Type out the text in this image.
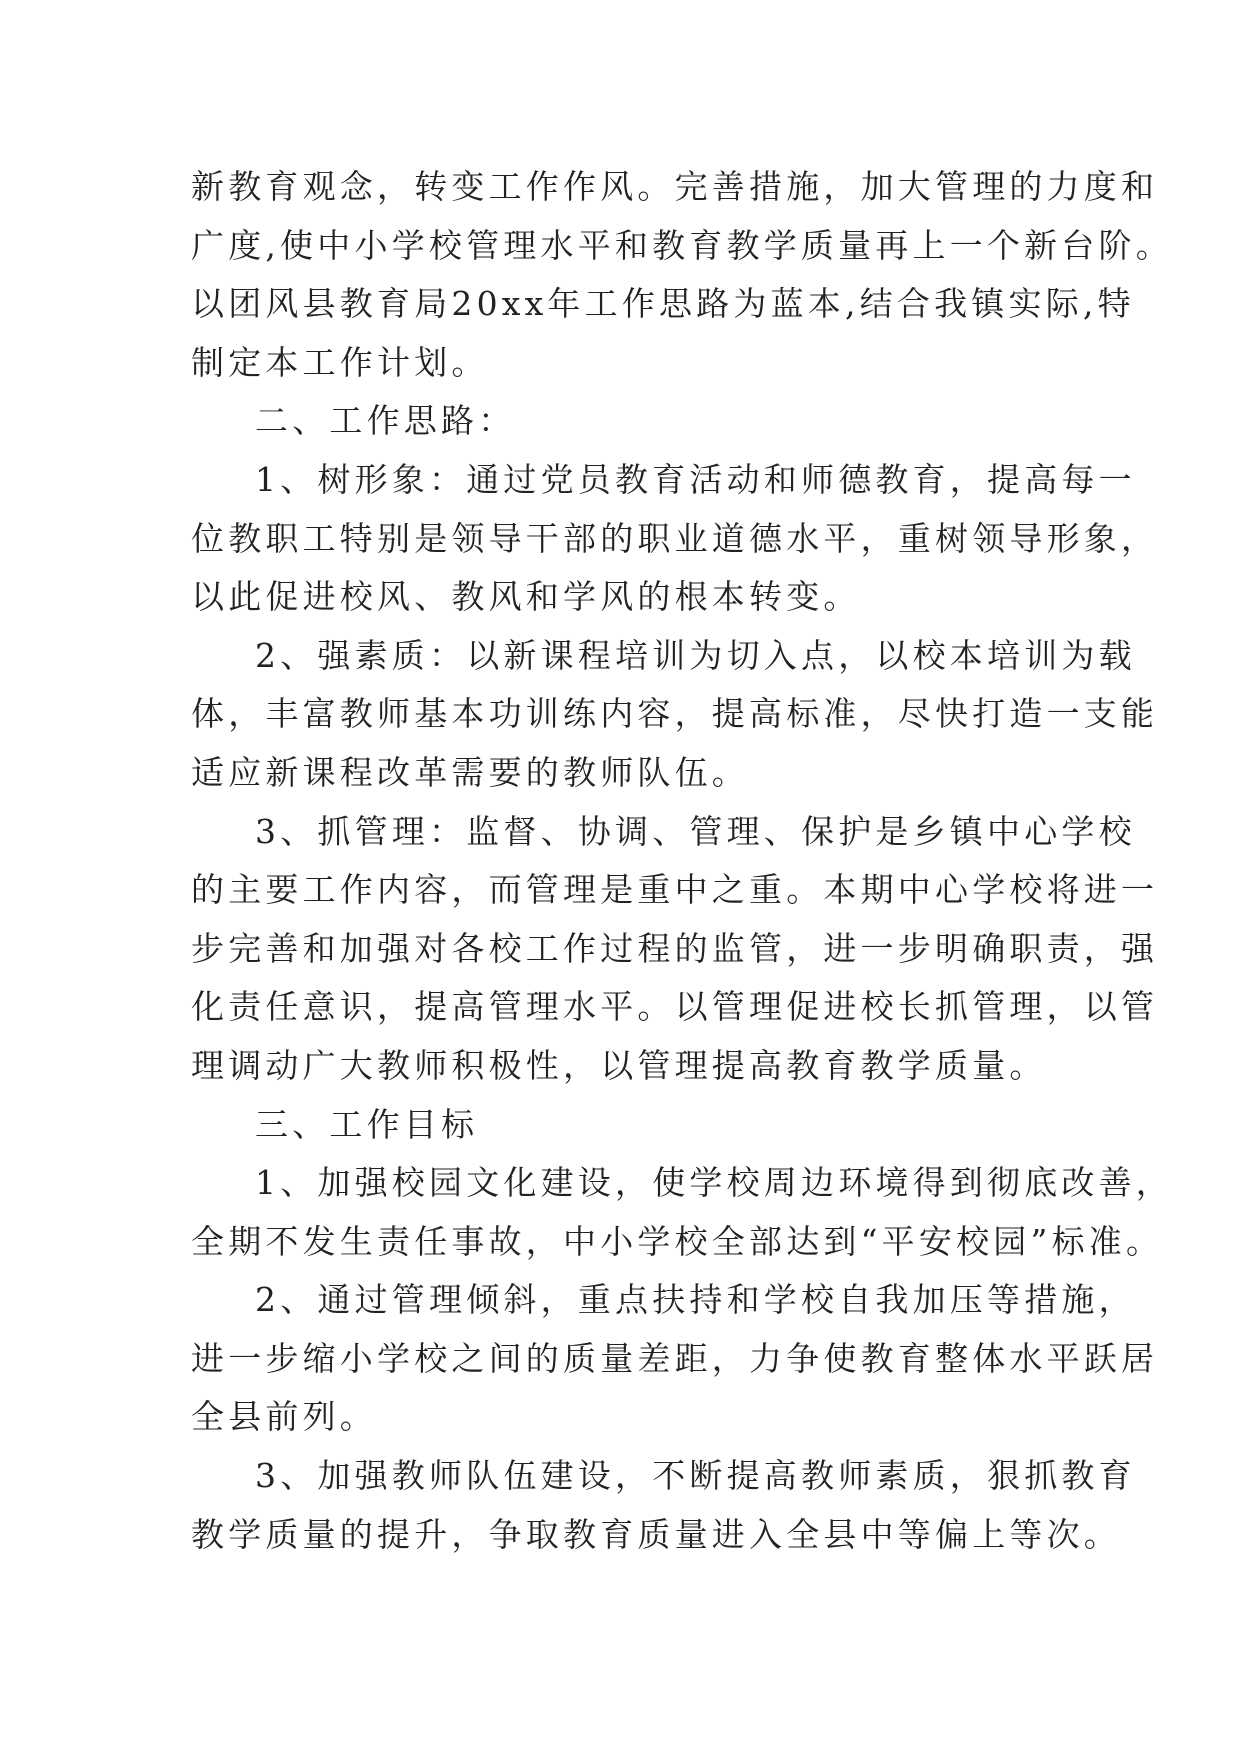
新教育观念，转变工作作风。完善措施，加大管理的力度和
广度,使中小学校管理水平和教育教学质量再上一个新台阶。
以团风县教育局20xx年工作思路为蓝本,结合我镇实际,特
制定本工作计划。
二、工作思路：
1、树形象：通过党员教育活动和师德教育，提高每一
位教职工特别是领导干部的职业道德水平，重树领导形象，
以此促进校风、教风和学风的根本转变。
2、强素质：以新课程培训为切入点，以校本培训为载
体，丰富教师基本功训练内容，提高标准，尽快打造一支能
适应新课程改革需要的教师队伍。
3、抓管理：监督、协调、管理、保护是乡镇中心学校
的主要工作内容，而管理是重中之重。本期中心学校将进一
步完善和加强对各校工作过程的监管，进一步明确职责，强
化责任意识，提高管理水平。以管理促进校长抓管理，以管
理调动广大教师积极性，以管理提高教育教学质量。
三、工作目标
1、加强校园文化建设，使学校周边环境得到彻底改善，
全期不发生责任事故，中小学校全部达到“平安校园”标准。
2、通过管理倾斜，重点扶持和学校自我加压等措施，
进一步缩小学校之间的质量差距，力争使教育整体水平跃居
全县前列。
3、加强教师队伍建设，不断提高教师素质，狠抓教育
教学质量的提升，争取教育质量进入全县中等偏上等次。
